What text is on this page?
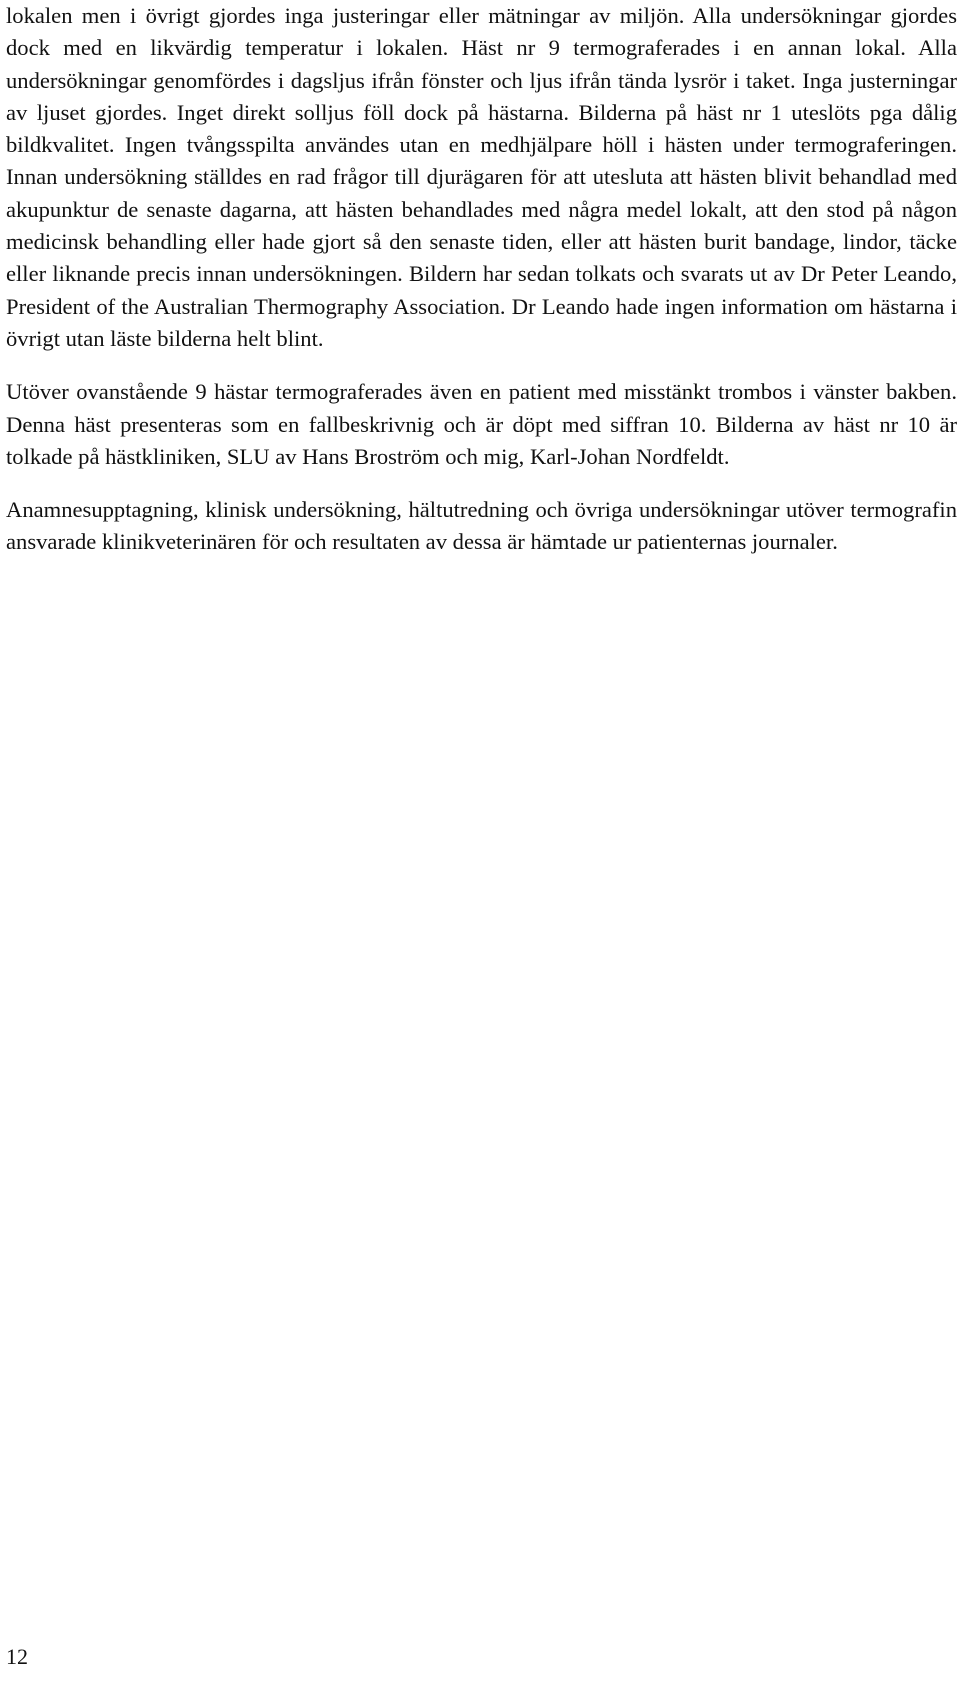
lokalen men i övrigt gjordes inga justeringar eller mätningar av miljön. Alla undersökningar gjordes dock med en likvärdig temperatur i lokalen. Häst nr 9 termograferades i en annan lokal. Alla undersökningar genomfördes i dagsljus ifrån fönster och ljus ifrån tända lysrör i taket. Inga justerningar av ljuset gjordes. Inget direkt solljus föll dock på hästarna. Bilderna på häst nr 1 uteslöts pga dålig bildkvalitet. Ingen tvångsspilta användes utan en medhjälpare höll i hästen under termograferingen. Innan undersökning ställdes en rad frågor till djurägaren för att utesluta att hästen blivit behandlad med akupunktur de senaste dagarna, att hästen behandlades med några medel lokalt, att den stod på någon medicinsk behandling eller hade gjort så den senaste tiden, eller att hästen burit bandage, lindor, täcke eller liknande precis innan undersökningen. Bildern har sedan tolkats och svarats ut av Dr Peter Leando, President of the Australian Thermography Association. Dr Leando hade ingen information om hästarna i övrigt utan läste bilderna helt blint.

Utöver ovanstående 9 hästar termograferades även en patient med misstänkt trombos i vänster bakben. Denna häst presenteras som en fallbeskrivnig och är döpt med siffran 10. Bilderna av häst nr 10 är tolkade på hästkliniken, SLU av Hans Broström och mig, Karl-Johan Nordfeldt.

Anamnesupptagning, klinisk undersökning, hältutredning och övriga undersökningar utöver termografin ansvarade klinikveterinären för och resultaten av dessa är hämtade ur patienternas journaler.

12
